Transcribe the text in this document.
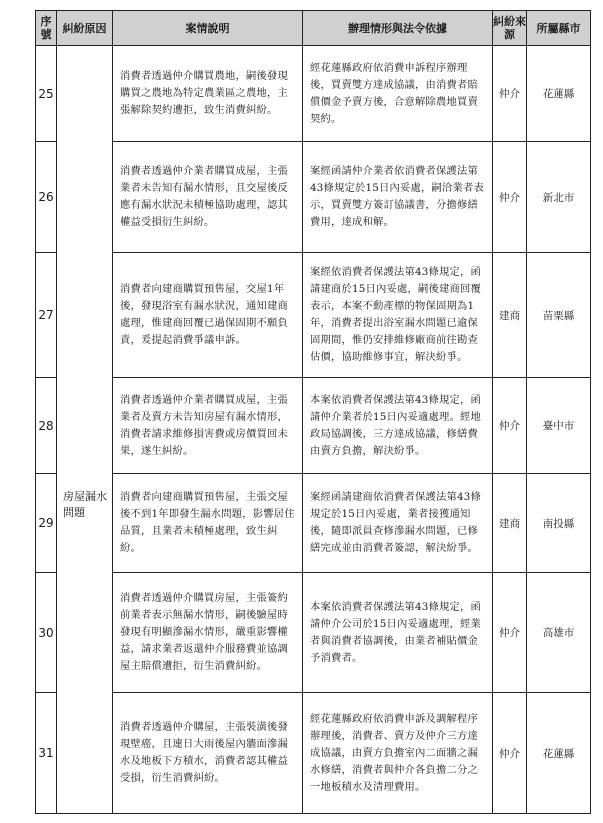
序號	糾紛原因	案情說明	辦理情形與法令依據	糾紛來源	所屬縣市
25	房屋漏水問題	消費者透過仲介購買農地，嗣後發現購買之農地為特定農業區之農地，主張解除契約遭拒，致生消費糾紛。	經花蓮縣政府依消費申訴程序辦理後，買賣雙方達成協議，由消費者賠償價金予賣方後，合意解除農地買賣契約。	仲介	花蓮縣
26		消費者透過仲介業者購買成屋，主張業者未告知有漏水情形，且交屋後反應有漏水狀況未積極協助處理，認其權益受損衍生糾紛。	案經函請仲介業者依消費者保護法第43條規定於15日內妥處，嗣洽業者表示，買賣雙方簽訂協議書，分擔修繕費用，達成和解。	仲介	新北市
27		消費者向建商購買預售屋，交屋1年後，發現浴室有漏水狀況，通知建商處理，惟建商回覆已過保固期不願負責，爰提起消費爭議申訴。	案經依消費者保護法第43條規定，函請建商於15日內妥處，嗣後建商回覆表示，本案不動產標的物保固期為1年，消費者提出浴室漏水問題已逾保固期間，惟仍安排維修廠商前往勘查估價，協助維修事宜，解決紛爭。	建商	苗栗縣
28		消費者透過仲介業者購買成屋，主張業者及賣方未告知房屋有漏水情形，消費者請求維修損害費或房價買回未果，遂生糾紛。	本案依消費者保護法第43條規定，函請仲介業者於15日內妥適處理。經地政局協調後，三方達成協議，修繕費由賣方負擔，解決紛爭。	仲介	臺中市
29		消費者向建商購買預售屋，主張交屋後不到1年即發生漏水問題，影響居住品質，且業者未積極處理，致生糾紛。	案經函請建商依消費者保護法第43條規定於15日內妥處，業者接獲通知後，隨即派員查修滲漏水問題，已修繕完成並由消費者簽認，解決紛爭。	建商	南投縣
30		消費者透過仲介購買房屋，主張簽約前業者表示無漏水情形，嗣後驗屋時發現有明顯滲漏水情形，嚴重影響權益，請求業者返還仲介服務費並協調屋主賠償遭拒，衍生消費糾紛。	本案依消費者保護法第43條規定，函請仲介公司於15日內妥適處理，經業者與消費者協調後，由業者補貼價金予消費者。	仲介	高雄市
31		消費者透過仲介購屋，主張裝潢後發現壁癌，且連日大雨後屋內牆面滲漏水及地板下方積水，消費者認其權益受損，衍生消費糾紛。	經花蓮縣政府依消費申訴及調解程序辦理後，消費者、賣方及仲介三方達成協議，由賣方負擔室內二面牆之漏水修繕，消費者與仲介各負擔二分之一地板積水及清理費用。	仲介	花蓮縣
